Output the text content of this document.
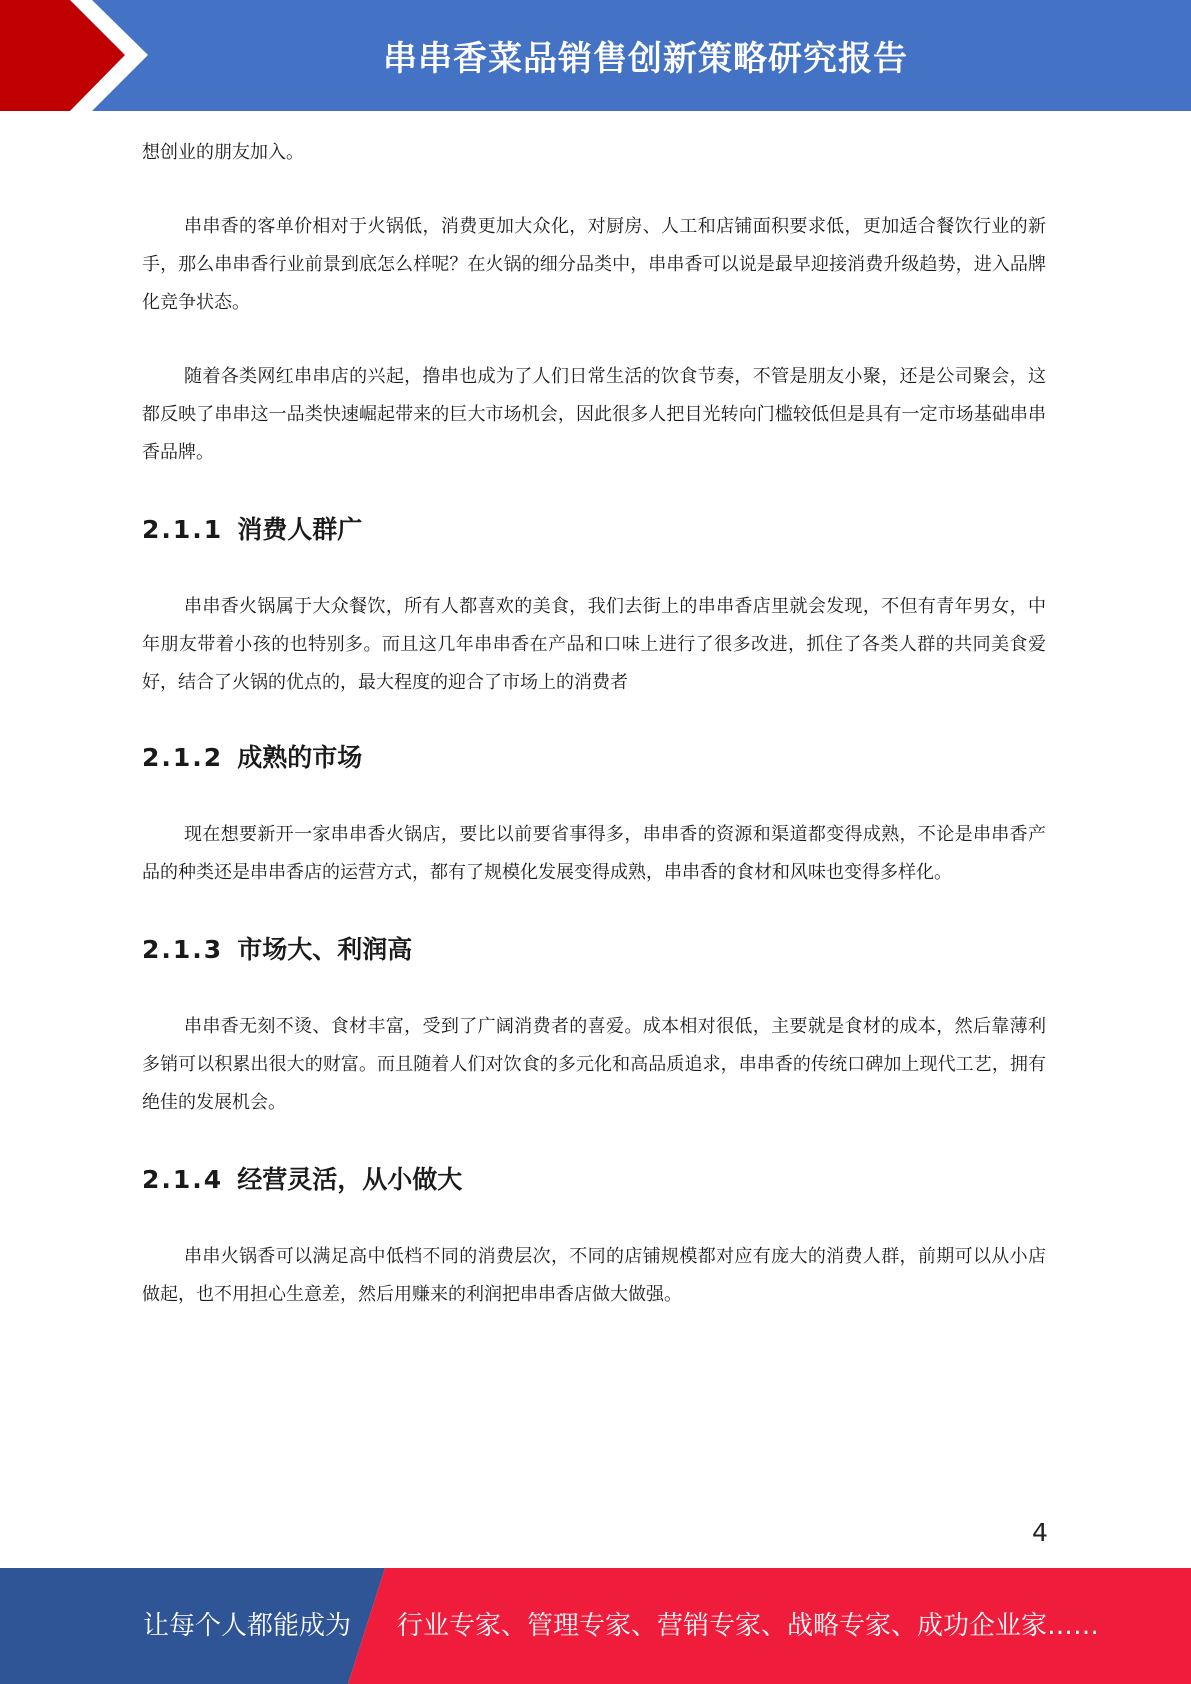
串串香菜品销售创新策略研究报告

想创业的朋友加入。

串串香的客单价相对于火锅低，消费更加大众化，对厨房、人工和店铺面积要求低，更加适合餐饮行业的新手，那么串串香行业前景到底怎么样呢？在火锅的细分品类中，串串香可以说是最早迎接消费升级趋势，进入品牌化竞争状态。

随着各类网红串串店的兴起，撸串也成为了人们日常生活的饮食节奏，不管是朋友小聚，还是公司聚会，这都反映了串串这一品类快速崛起带来的巨大市场机会，因此很多人把目光转向门槛较低但是具有一定市场基础串串香品牌。

2.1.1 消费人群广

串串香火锅属于大众餐饮，所有人都喜欢的美食，我们去街上的串串香店里就会发现，不但有青年男女，中年朋友带着小孩的也特别多。而且这几年串串香在产品和口味上进行了很多改进，抓住了各类人群的共同美食爱好，结合了火锅的优点的，最大程度的迎合了市场上的消费者

2.1.2 成熟的市场

现在想要新开一家串串香火锅店，要比以前要省事得多，串串香的资源和渠道都变得成熟，不论是串串香产品的种类还是串串香店的运营方式，都有了规模化发展变得成熟，串串香的食材和风味也变得多样化。

2.1.3 市场大、利润高

串串香无刻不烫、食材丰富，受到了广阔消费者的喜爱。成本相对很低，主要就是食材的成本，然后靠薄利多销可以积累出很大的财富。而且随着人们对饮食的多元化和高品质追求，串串香的传统口碑加上现代工艺，拥有绝佳的发展机会。

2.1.4 经营灵活，从小做大

串串火锅香可以满足高中低档不同的消费层次，不同的店铺规模都对应有庞大的消费人群，前期可以从小店做起，也不用担心生意差，然后用赚来的利润把串串香店做大做强。

4
让每个人都能成为 行业专家、管理专家、营销专家、战略专家、成功企业家……
